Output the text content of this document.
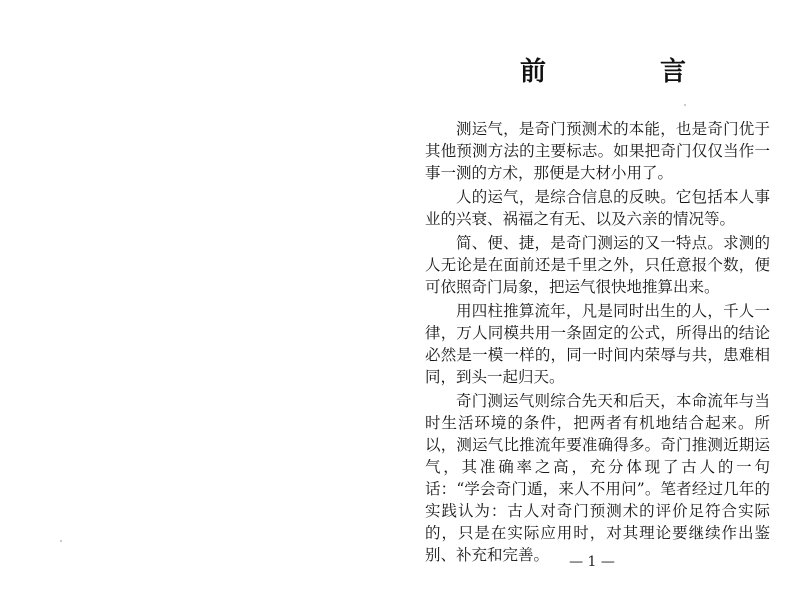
前　言

测运气，是奇门预测术的本能，也是奇门优于其他预测方法的主要标志。如果把奇门仅仅当作一事一测的方术，那便是大材小用了。

人的运气，是综合信息的反映。它包括本人事业的兴衰、祸福之有无、以及六亲的情况等。

简、便、捷，是奇门测运的又一特点。求测的人无论是在面前还是千里之外，只任意报个数，便可依照奇门局象，把运气很快地推算出来。

用四柱推算流年，凡是同时出生的人，千人一律，万人同模共用一条固定的公式，所得出的结论必然是一模一样的，同一时间内荣辱与共，患难相同，到头一起归天。

奇门测运气则综合先天和后天，本命流年与当时生活环境的条件，把两者有机地结合起来。所以，测运气比推流年要准确得多。奇门推测近期运气，其准确率之高，充分体现了古人的一句话：“学会奇门遁，来人不用问”。笔者经过几年的实践认为：古人对奇门预测术的评价足符合实际的，只是在实际应用时，对其理论要继续作出鉴别、补充和完善。	— 1 —
